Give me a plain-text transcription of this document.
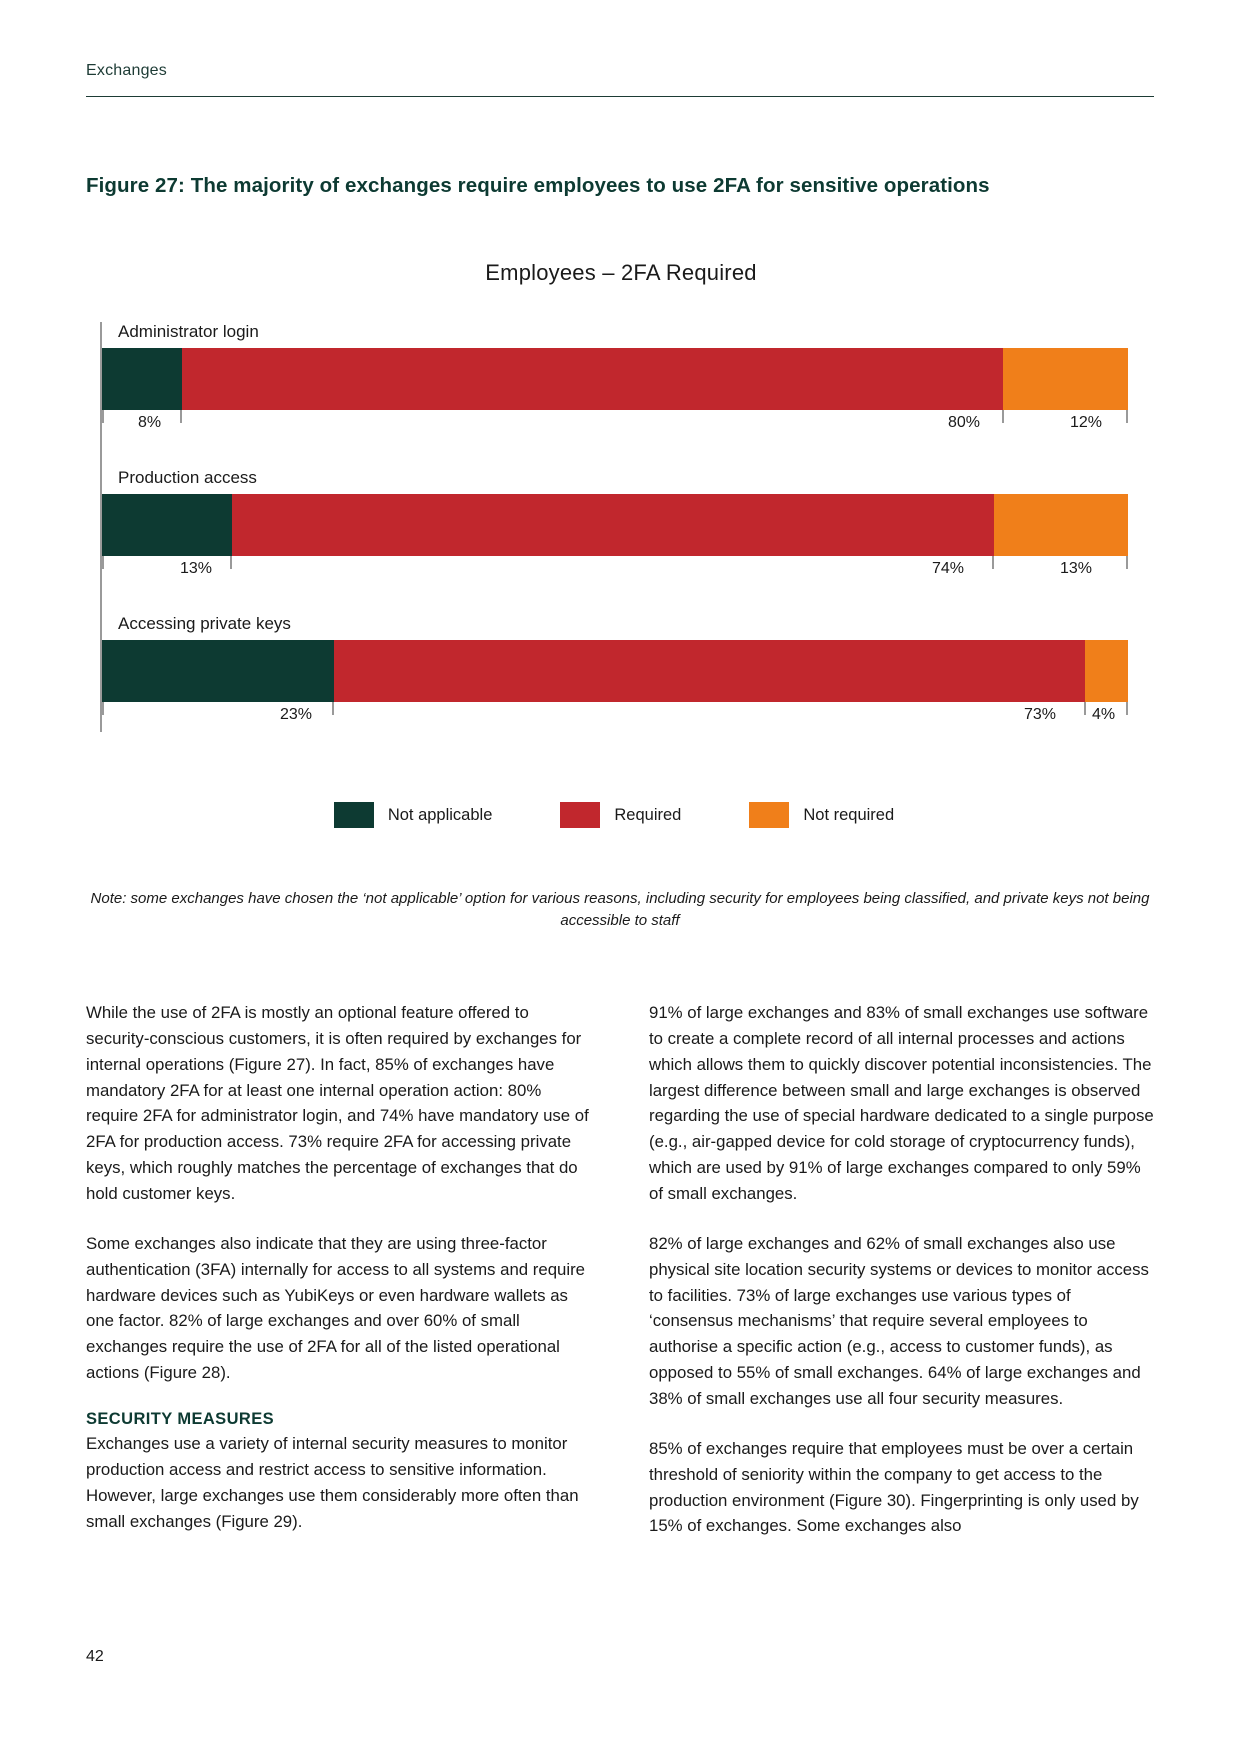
Exchanges
Figure 27: The majority of exchanges require employees to use 2FA for sensitive operations
Employees – 2FA Required
Administrator login
8%	80%	12%
Production access
13%	74%	13%
Accessing private keys
23%	73% 4%
Not applicable	Required	Not required
Note: some exchanges have chosen the ‘not applicable’ option for various reasons, including security for employees being classified, and private keys not being accessible to staff

While the use of 2FA is mostly an optional feature offered to security-conscious customers, it is often required by exchanges for internal operations (Figure 27). In fact, 85% of exchanges have mandatory 2FA for at least one internal operation action: 80% require 2FA for administrator login, and 74% have mandatory use of 2FA for production access. 73% require 2FA for accessing private keys, which roughly matches the percentage of exchanges that do hold customer keys.

Some exchanges also indicate that they are using three-factor authentication (3FA) internally for access to all systems and require hardware devices such as YubiKeys or even hardware wallets as one factor. 82% of large exchanges and over 60% of small exchanges require the use of 2FA for all of the listed operational actions (Figure 28).

SECURITY MEASURES

Exchanges use a variety of internal security measures to monitor production access and restrict access to sensitive information. However, large exchanges use them considerably more often than small exchanges (Figure 29).

91% of large exchanges and 83% of small exchanges use software to create a complete record of all internal processes and actions which allows them to quickly discover potential inconsistencies. The largest difference between small and large exchanges is observed regarding the use of special hardware dedicated to a single purpose (e.g., air-gapped device for cold storage of cryptocurrency funds), which are used by 91% of large exchanges compared to only 59% of small exchanges.

82% of large exchanges and 62% of small exchanges also use physical site location security systems or devices to monitor access to facilities. 73% of large exchanges use various types of ‘consensus mechanisms’ that require several employees to authorise a specific action (e.g., access to customer funds), as opposed to 55% of small exchanges. 64% of large exchanges and 38% of small exchanges use all four security measures.

85% of exchanges require that employees must be over a certain threshold of seniority within the company to get access to the production environment (Figure 30). Fingerprinting is only used by 15% of exchanges. Some exchanges also

42
